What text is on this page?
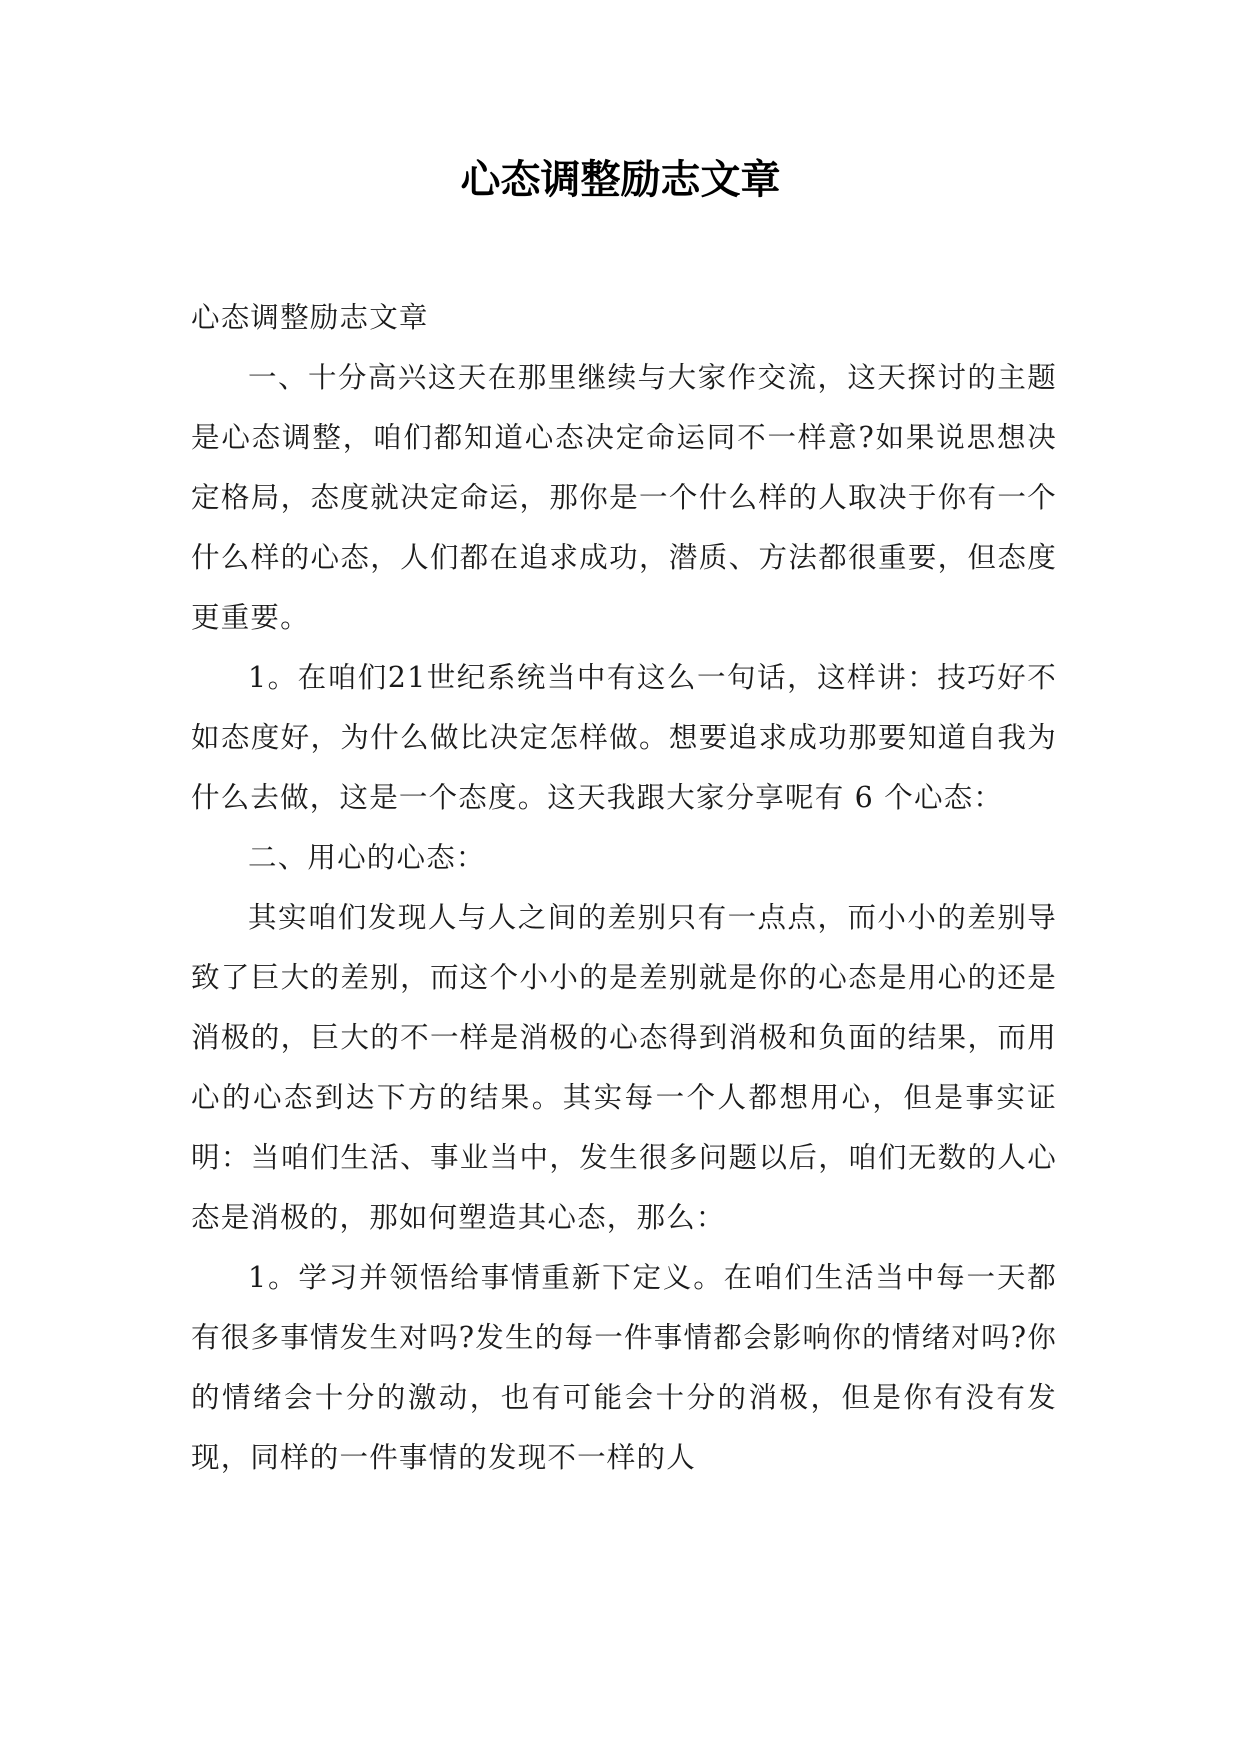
心态调整励志文章

心态调整励志文章

一、十分高兴这天在那里继续与大家作交流，这天探讨的主题是心态调整，咱们都知道心态决定命运同不一样意?如果说思想决定格局，态度就决定命运，那你是一个什么样的人取决于你有一个什么样的心态，人们都在追求成功，潜质、方法都很重要，但态度更重要。

1。在咱们21世纪系统当中有这么一句话，这样讲：技巧好不如态度好，为什么做比决定怎样做。想要追求成功那要知道自我为什么去做，这是一个态度。这天我跟大家分享呢有 6 个心态：

二、用心的心态：

其实咱们发现人与人之间的差别只有一点点，而小小的差别导致了巨大的差别，而这个小小的是差别就是你的心态是用心的还是消极的，巨大的不一样是消极的心态得到消极和负面的结果，而用心的心态到达下方的结果。其实每一个人都想用心，但是事实证明：当咱们生活、事业当中，发生很多问题以后，咱们无数的人心态是消极的，那如何塑造其心态，那么：

1。学习并领悟给事情重新下定义。在咱们生活当中每一天都有很多事情发生对吗?发生的每一件事情都会影响你的情绪对吗?你的情绪会十分的激动，也有可能会十分的消极，但是你有没有发现，同样的一件事情的发现不一样的人
